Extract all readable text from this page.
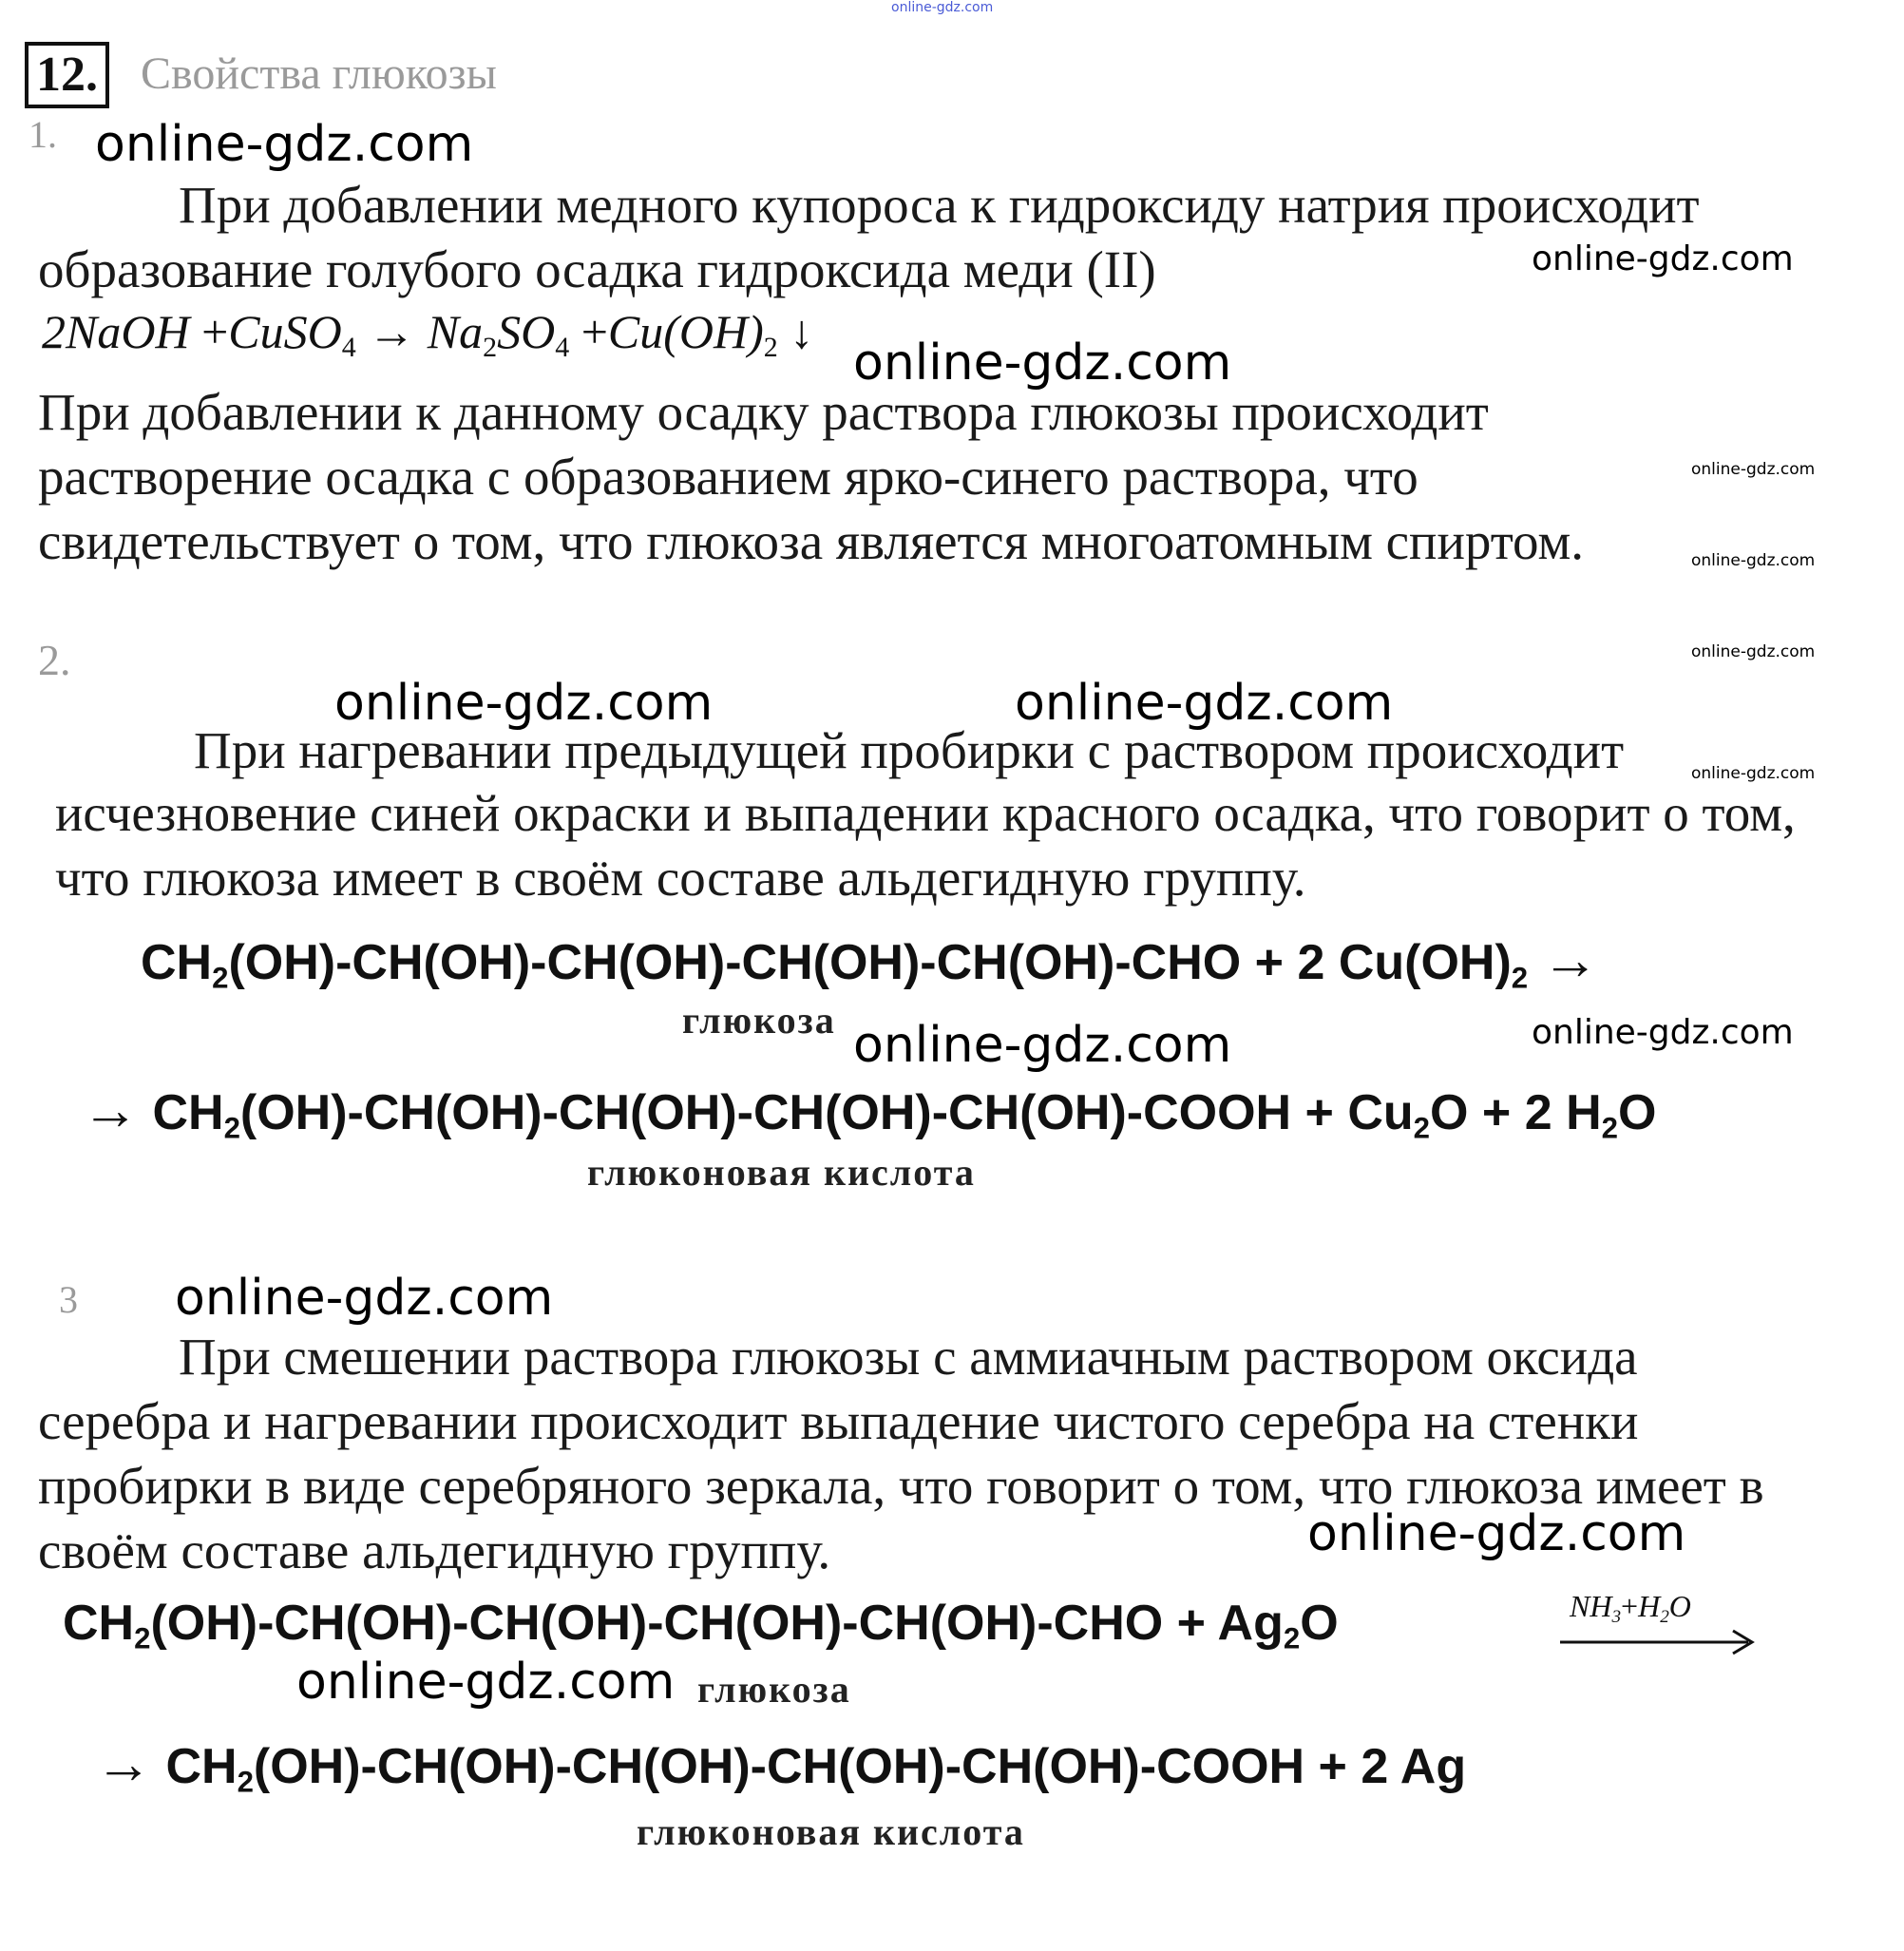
online-gdz.com
12. Свойства глюкозы
1. online-gdz.com
При добавлении медного купороса к гидроксиду натрия происходит
образование голубого осадка гидроксида меди (II)	online-gdz.com
2NaOH +CuSO$_4$ → $Na_2SO_4 +Cu(OH)_2$ ↓
online-gdz.com
При добавлении к данному осадку раствора глюкозы происходит
растворение осадка с образованием ярко-синего раствора, что	online-gdz.com
свидетельствует о том, что глюкоза является многоатомным спиртом.	online-gdz.com
2.	online-gdz.com
online-gdz.com	online-gdz.com
При нагревании предыдущей пробирки с раствором происходит	online-gdz.com
исчезновение синей окраски и выпадении красного осадка, что говорит о том,
что глюкоза имеет в своём составе альдегидную группу.
$CH_2(OH)-CH(OH)-CH(OH)-CH(OH)-CH(OH)$-CHO + 2 $Cu(OH)_2$ →
глюкоза online-gdz.com	online-gdz.com
→ $CH_2(OH)-CH(OH)-CH(OH)-CH(OH)-CH(OH)$-COOH + $Cu_2O + 2$ $H_2O$
глюконовая кислота
3 online-gdz.com
При смешении раствора глюкозы с аммиачным раствором оксида
серебра и нагревании происходит выпадение чистого серебра на стенки
пробирки в виде серебряного зеркала, что говорит о том, что глюкоза имеет в
своём составе альдегидную группу.	online-gdz.com
$CH_2(OH)-CH(OH)-CH(OH)-CH(OH)-CH(OH)$-CHO + $Ag_2O$	$NH_3+H_2O$
online-gdz.com глюкоза
→ $CH_2(OH)-CH(OH)-CH(OH)-CH(OH)-CH(OH)$-COOH + 2 Ag
глюконовая кислота
